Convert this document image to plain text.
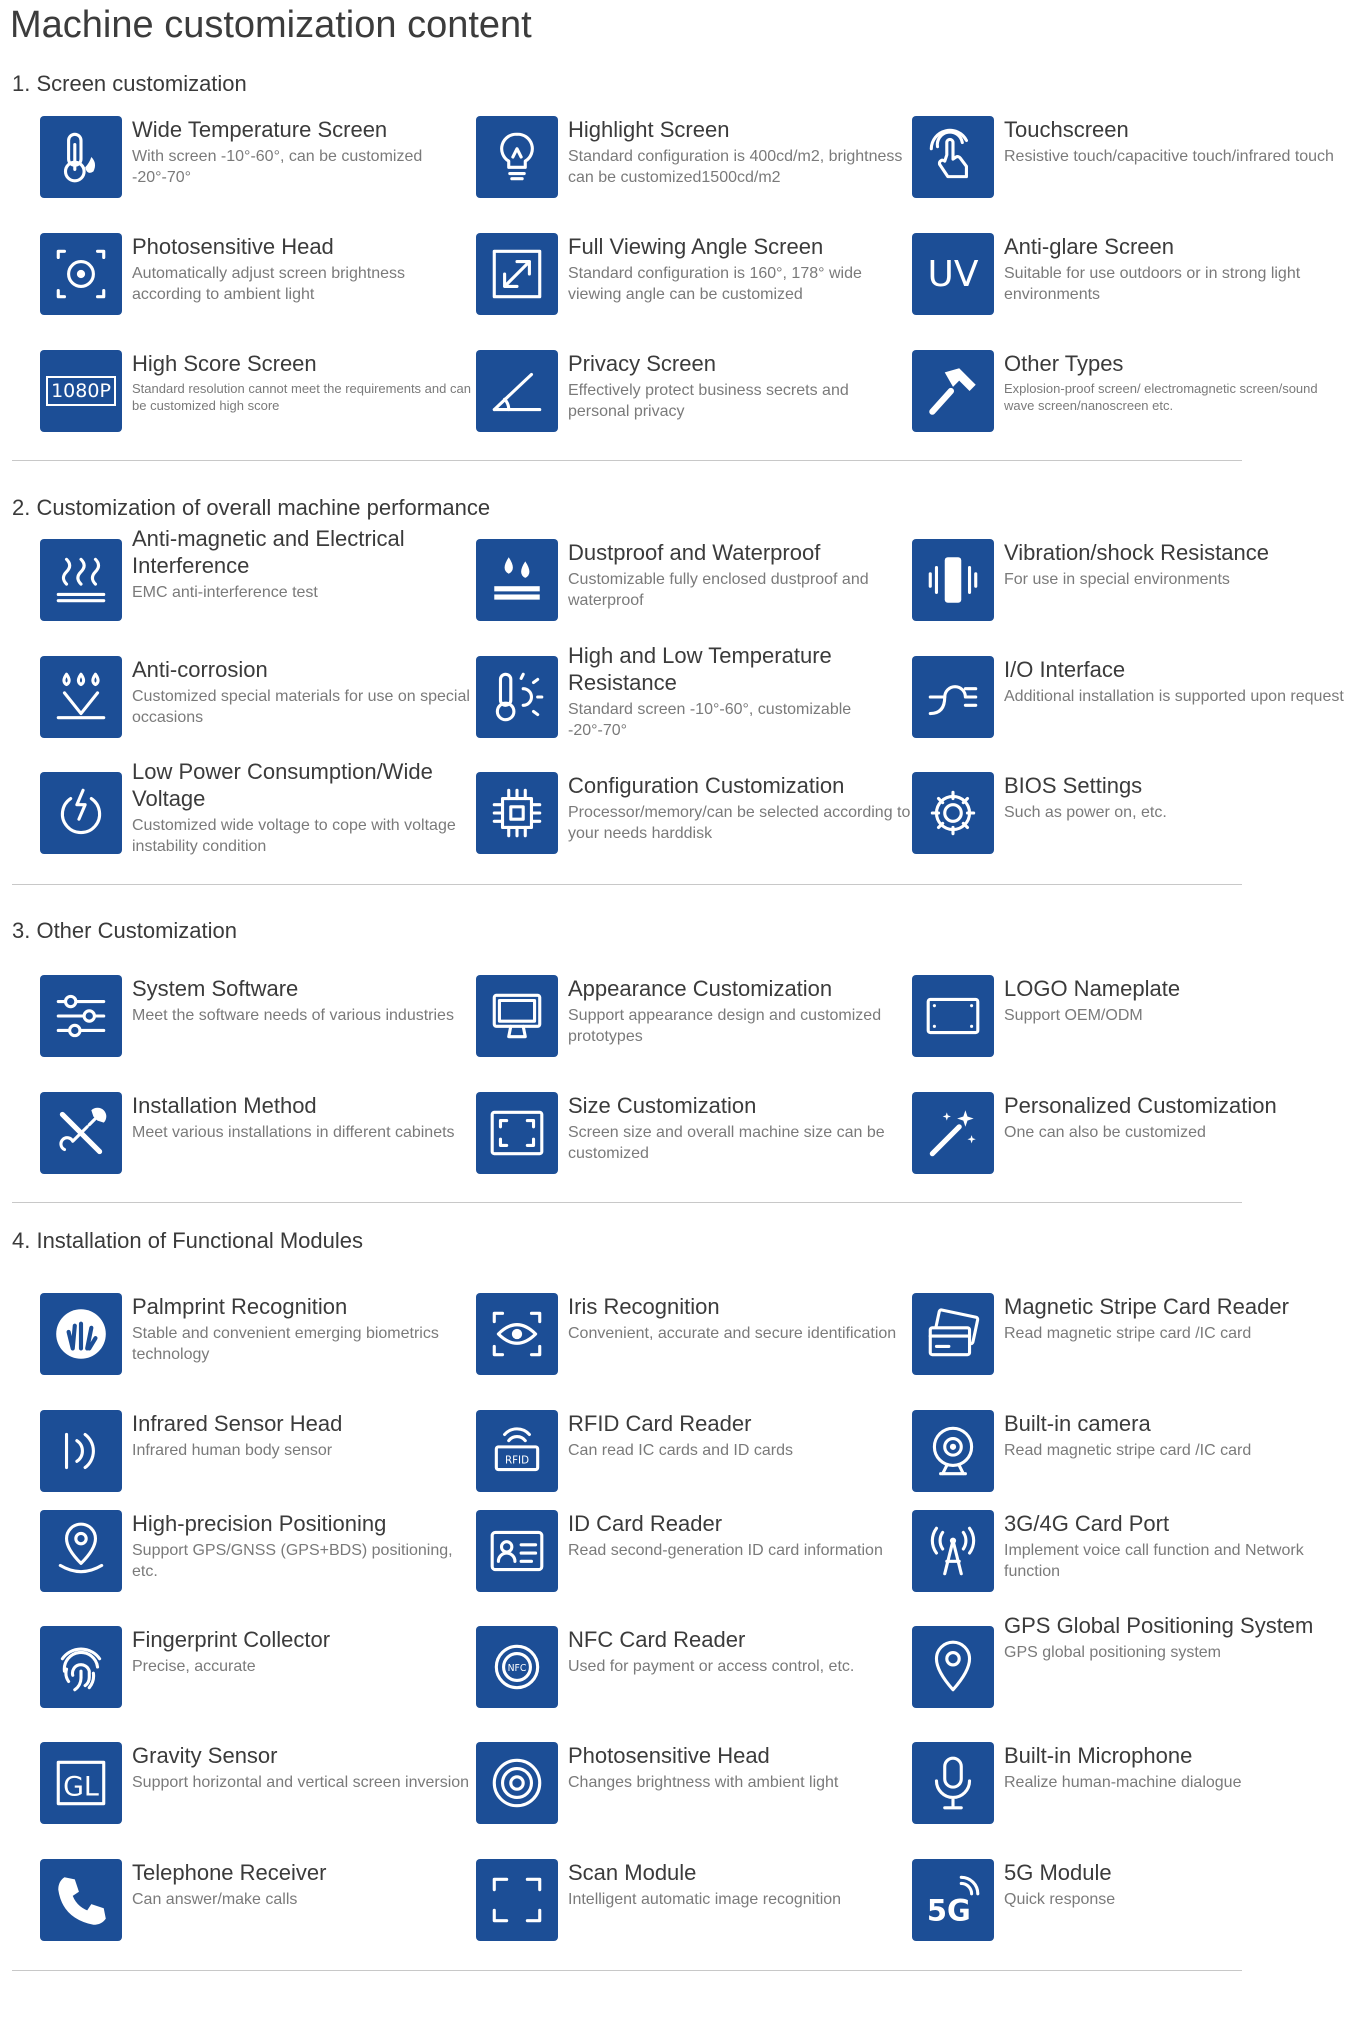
Machine customization content
1. Screen customization
2. Customization of overall machine performance
3. Other Customization
4. Installation of Functional Modules
Wide Temperature Screen
With screen -10°-60°, can be customized -20°-70°
Highlight Screen
Standard configuration is 400cd/m2, brightness can be customized1500cd/m2
Touchscreen
Resistive touch/capacitive touch/infrared touch
Photosensitive Head
Automatically adjust screen brightness according to ambient light
Full Viewing Angle Screen
Standard configuration is 160°, 178° wide viewing angle can be customized	UV
Anti-glare Screen
Suitable for use outdoors or in strong light environments
1080P
High Score Screen
Standard resolution cannot meet the requirements and can be customized high score
Privacy Screen
Effectively protect business secrets and personal privacy
Other Types
Explosion-proof screen/ electromagnetic screen/sound wave screen/nanoscreen etc.
Anti-magnetic and Electrical Interference
EMC anti-interference test
Dustproof and Waterproof
Customizable fully enclosed dustproof and waterproof
Vibration/shock Resistance
For use in special environments
Anti-corrosion
Customized special materials for use on special occasions
High and Low Temperature Resistance
Standard screen -10°-60°, customizable -20°-70°
I/O Interface
Additional installation is supported upon request
Low Power Consumption/Wide Voltage
Customized wide voltage to cope with voltage instability condition
Configuration Customization
Processor/memory/can be selected according to your needs harddisk
BIOS Settings
Such as power on, etc.
System Software
Meet the software needs of various industries
Appearance Customization
Support appearance design and customized prototypes
LOGO Nameplate
Support OEM/ODM
Installation Method
Meet various installations in different cabinets
Size Customization
Screen size and overall machine size can be customized
Personalized Customization
One can also be customized
Palmprint Recognition
Stable and convenient emerging biometrics technology
Iris Recognition
Convenient, accurate and secure identification
Magnetic Stripe Card Reader
Read magnetic stripe card /IC card
Infrared Sensor Head
Infrared human body sensor
RFID
RFID Card Reader
Can read IC cards and ID cards
Built-in camera
Read magnetic stripe card /IC card
High-precision Positioning
Support GPS/GNSS (GPS+BDS) positioning, etc.
ID Card Reader
Read second-generation ID card information
3G/4G Card Port
Implement voice call function and Network function
Fingerprint Collector
Precise, accurate	NFC
NFC Card Reader
Used for payment or access control, etc.
GPS Global Positioning System
GPS global positioning system
GL
Gravity Sensor
Support horizontal and vertical screen inversion
Photosensitive Head
Changes brightness with ambient light
Built-in Microphone
Realize human-machine dialogue
Telephone Receiver
Can answer/make calls
Scan Module
Intelligent automatic image recognition	5G
5G Module
Quick response
